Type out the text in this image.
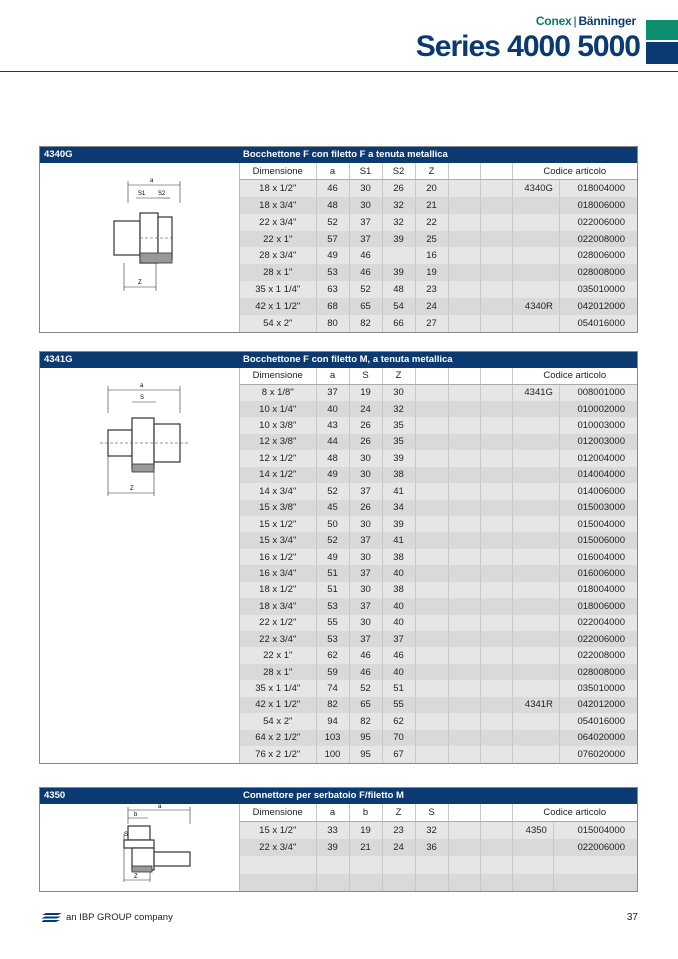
Conex | Bänninger
Series 4000 5000
4340G	Bocchettone F con filetto F a tenuta metallica
a
S1 S2
Z
Dimensione	a	S1	S2	Z			Codice articolo	
18 x 1/2"	46	30	26	20			4340G	018004000
18 x 3/4"	48	30	32	21				018006000
22 x 3/4"	52	37	32	22				022006000
22 x 1"	57	37	39	25				022008000
28 x 3/4"	49	46		16				028006000
28 x 1"	53	46	39	19				028008000
35 x 1 1/4"	63	52	48	23				035010000
42 x 1 1/2"	68	65	54	24			4340R	042012000
54 x 2"	80	82	66	27				054016000
4341G	Bocchettone F con filetto M, a tenuta metallica
a
S
Z
Dimensione	a	S	Z				Codice articolo	
8 x 1/8"	37	19	30				4341G	008001000
10 x 1/4"	40	24	32					010002000
10 x 3/8"	43	26	35					010003000
12 x 3/8"	44	26	35					012003000
12 x 1/2"	48	30	39					012004000
14 x 1/2"	49	30	38					014004000
14 x 3/4"	52	37	41					014006000
15 x 3/8"	45	26	34					015003000
15 x 1/2"	50	30	39					015004000
15 x 3/4"	52	37	41					015006000
16 x 1/2"	49	30	38					016004000
16 x 3/4"	51	37	40					016006000
18 x 1/2"	51	30	38					018004000
18 x 3/4"	53	37	40					018006000
22 x 1/2"	55	30	40					022004000
22 x 3/4"	53	37	37					022006000
22 x 1"	62	46	46					022008000
28 x 1"	59	46	40					028008000
35 x 1 1/4"	74	52	51					035010000
42 x 1 1/2"	82	65	55				4341R	042012000
54 x 2"	94	82	62					054016000
64 x 2 1/2"	103	95	70					064020000
76 x 2 1/2"	100	95	67					076020000
4350	Connettore per serbatoio F/filetto M
a
b
S
Z
Dimensione	a	b	Z	S			Codice articolo	
15 x 1/2"	33	19	23	32			4350	015004000
22 x 3/4"	39	21	24	36				022006000

an IBP GROUP company	37
